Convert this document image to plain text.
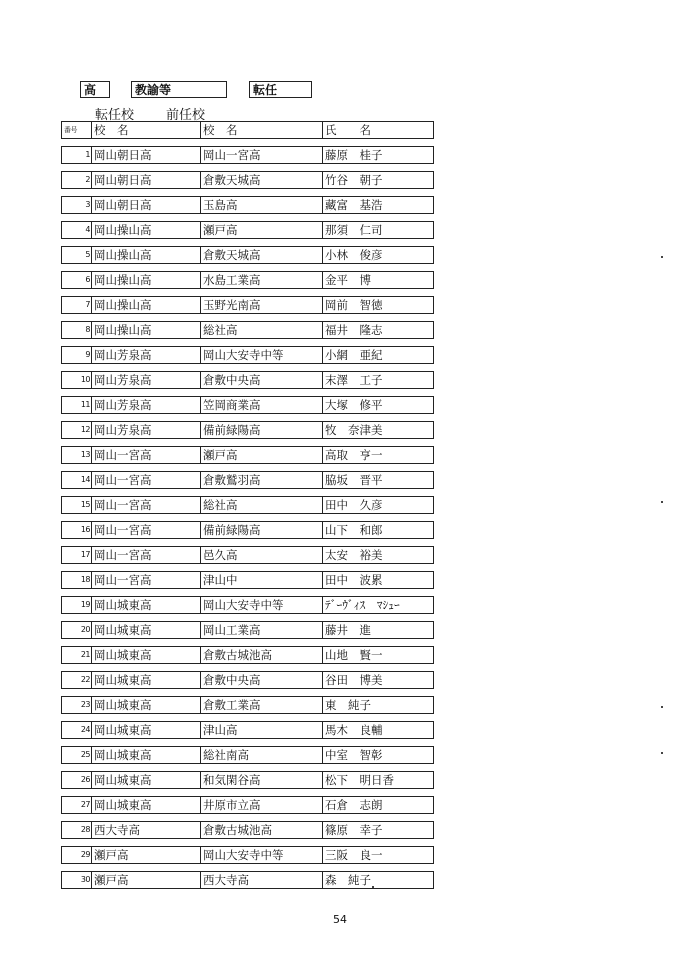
高	教諭等	転任
転任校 前任校
番号	校　名	校　名	氏　　名

1	岡山朝日高	岡山一宮高	藤原　桂子

2	岡山朝日高	倉敷天城高	竹谷　朝子

3	岡山朝日高	玉島高	藏富　基浩

4	岡山操山高	瀬戸高	那須　仁司

5	岡山操山高	倉敷天城高	小林　俊彦

6	岡山操山高	水島工業高	金平　博

7	岡山操山高	玉野光南高	岡前　智徳

8	岡山操山高	総社高	福井　隆志

9	岡山芳泉高	岡山大安寺中等	小網　亜紀

10	岡山芳泉高	倉敷中央高	末澤　工子

11	岡山芳泉高	笠岡商業高	大塚　修平

12	岡山芳泉高	備前緑陽高	牧　奈津美

13	岡山一宮高	瀬戸高	高取　亨一

14	岡山一宮高	倉敷鷲羽高	脇坂　晋平

15	岡山一宮高	総社高	田中　久彦

16	岡山一宮高	備前緑陽高	山下　和郎

17	岡山一宮高	邑久高	太安　裕美

18	岡山一宮高	津山中	田中　波累

19	岡山城東高	岡山大安寺中等	ﾃﾞｰｳﾞｨｽ　ﾏｼｭｰ

20	岡山城東高	岡山工業高	藤井　進

21	岡山城東高	倉敷古城池高	山地　賢一

22	岡山城東高	倉敷中央高	谷田　博美

23	岡山城東高	倉敷工業高	東　純子

24	岡山城東高	津山高	馬木　良輔

25	岡山城東高	総社南高	中室　智彰

26	岡山城東高	和気閑谷高	松下　明日香

27	岡山城東高	井原市立高	石倉　志朗

28	西大寺高	倉敷古城池高	篠原　幸子

29	瀬戸高	岡山大安寺中等	三阪　良一

30	瀬戸高	西大寺高	森　純子
54
